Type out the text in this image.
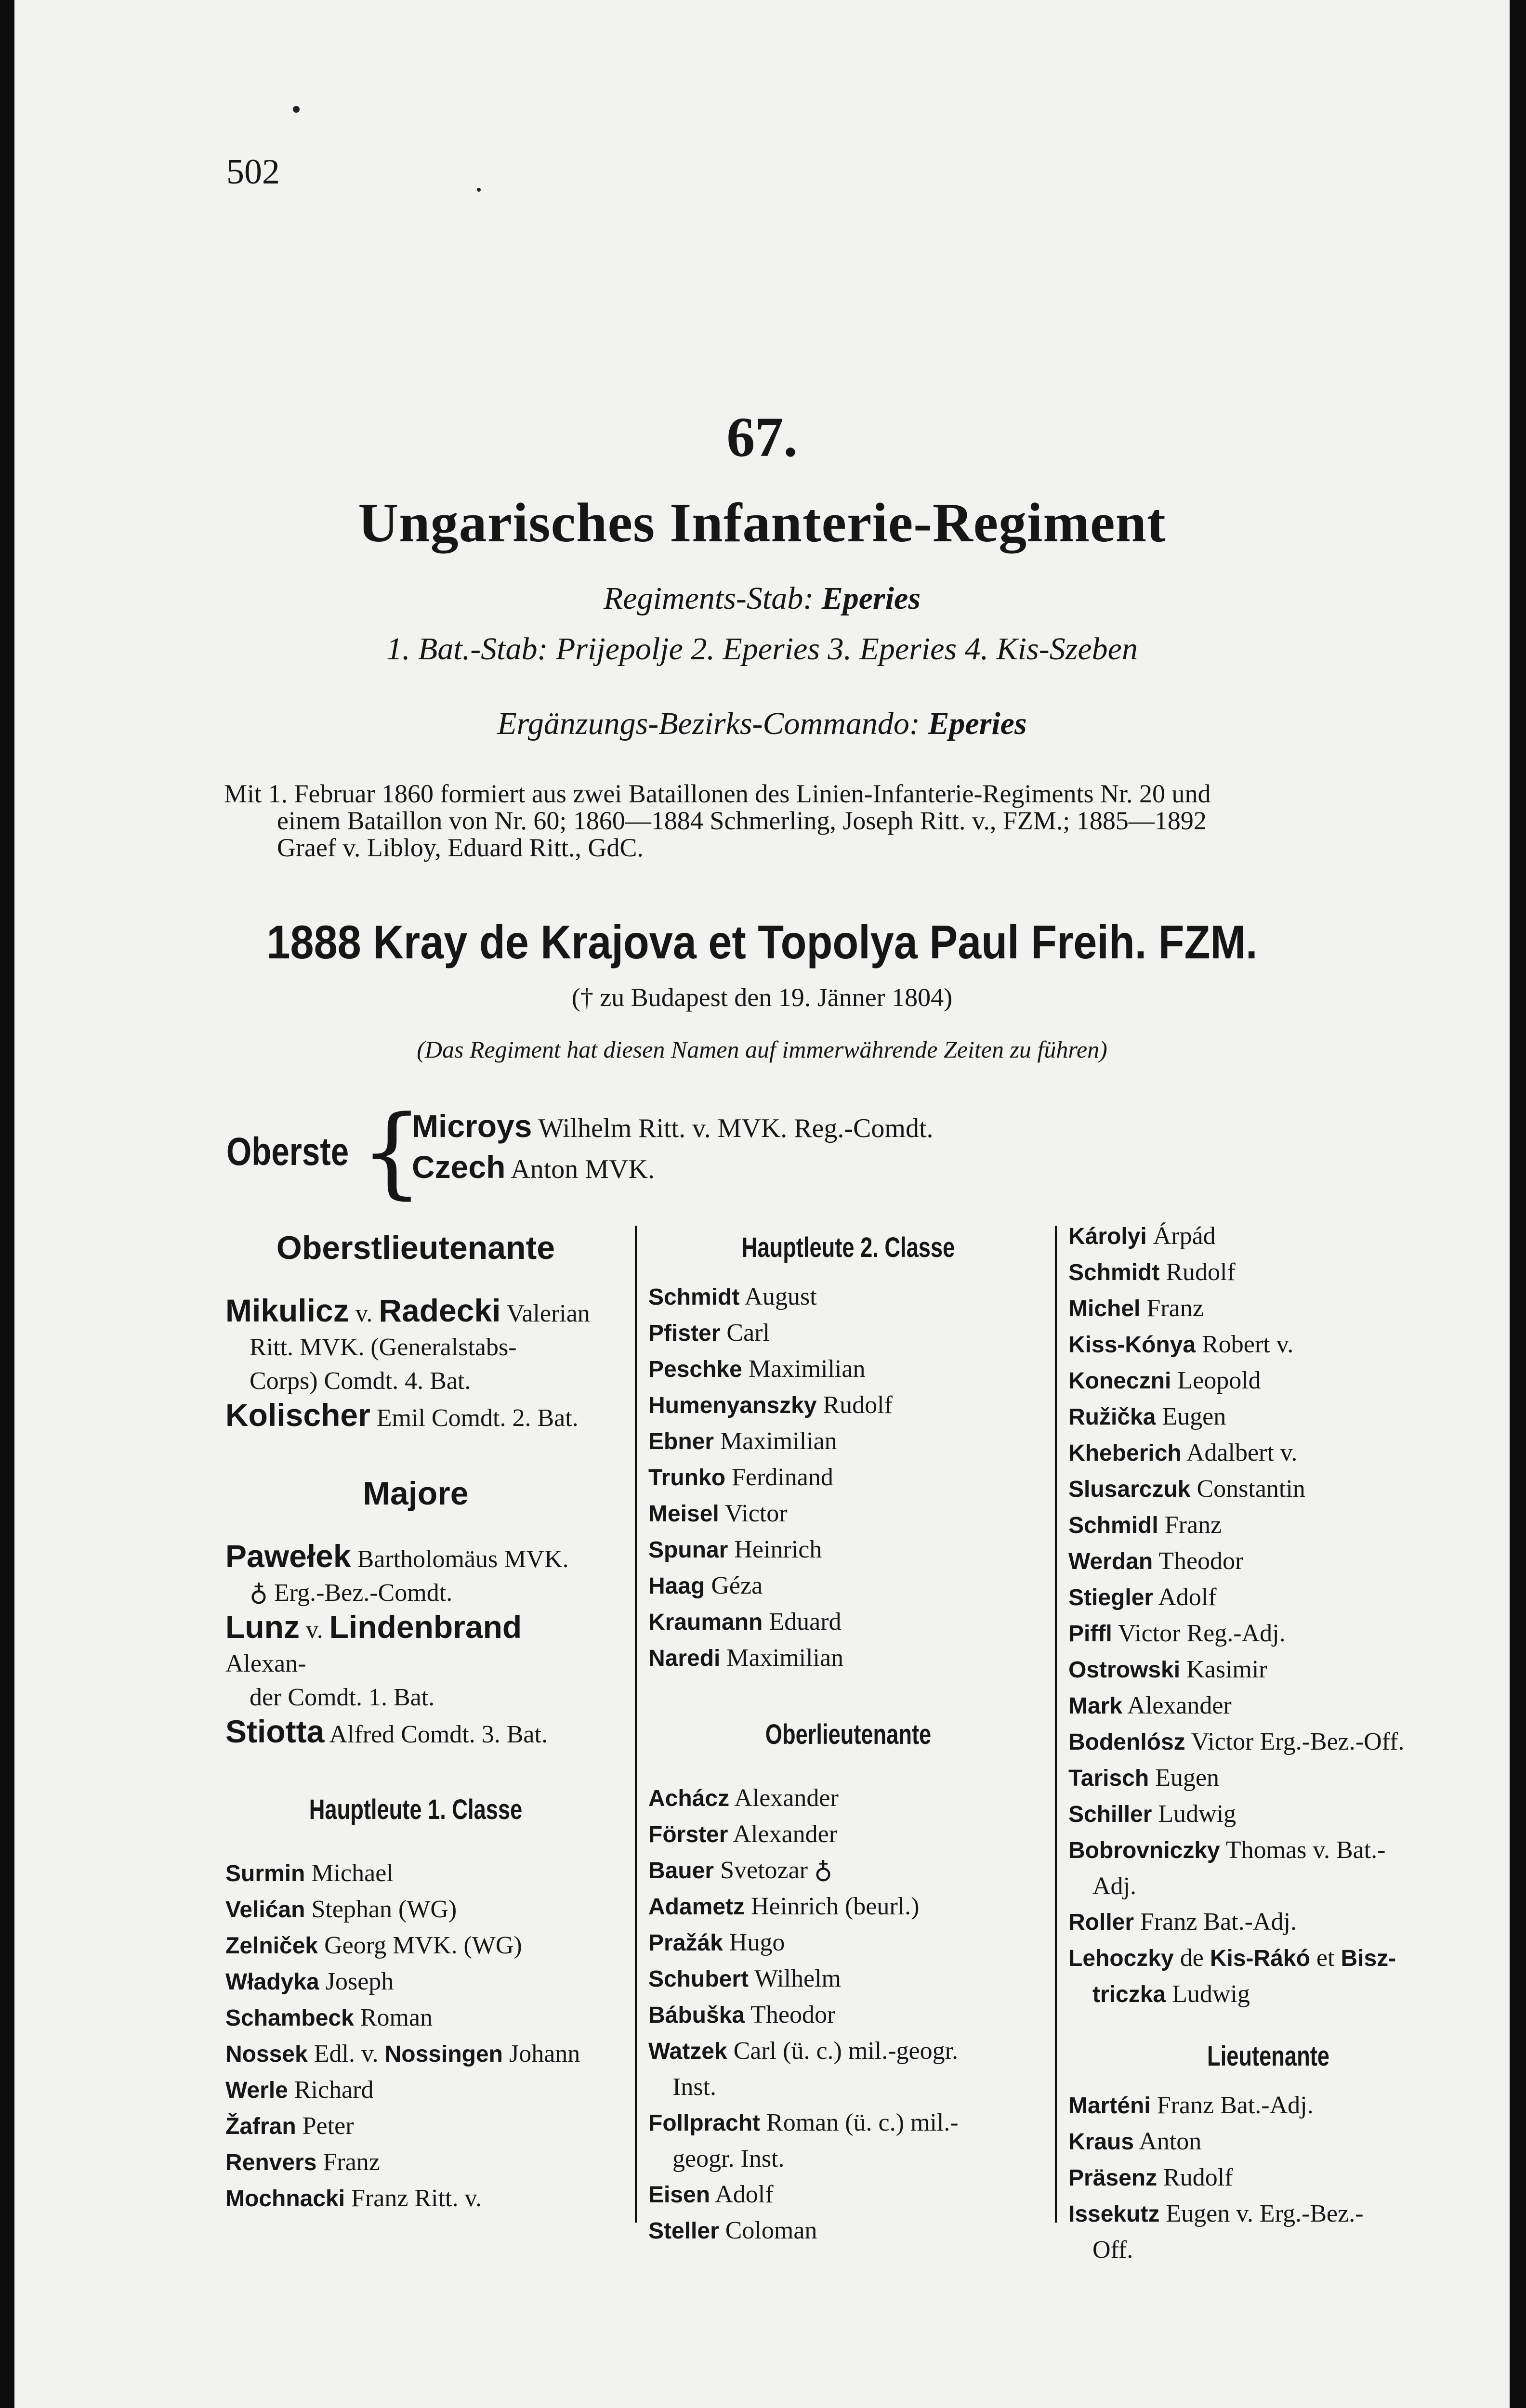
502
67.
Ungarisches Infanterie-Regiment
Regiments-Stab: Eperies
1. Bat.-Stab: Prijepolje 2. Eperies 3. Eperies 4. Kis-Szeben
Ergänzungs-Bezirks-Commando: Eperies
Mit 1. Februar 1860 formiert aus zwei Bataillonen des Linien-Infanterie-Regiments Nr. 20 und
einem Bataillon von Nr. 60; 1860—1884 Schmerling, Joseph Ritt. v., FZM.; 1885—1892
Graef v. Libloy, Eduard Ritt., GdC.
1888 Kray de Krajova et Topolya Paul Freih. FZM.
(† zu Budapest den 19. Jänner 1804)
(Das Regiment hat diesen Namen auf immerwährende Zeiten zu führen)
Oberste {
Microys Wilhelm Ritt. v. MVK. Reg.-Comdt.
Czech Anton MVK.
Oberstlieutenante
Mikulicz v. Radecki Valerian
Ritt. MVK. (Generalstabs-
Corps) Comdt. 4. Bat.
Kolischer Emil Comdt. 2. Bat.
Majore
Pawełek Bartholomäus MVK.
♁ Erg.-Bez.-Comdt.
Lunz v. Lindenbrand Alexan-
der Comdt. 1. Bat.
Stiotta Alfred Comdt. 3. Bat.
Hauptleute 1. Classe
Surmin Michael
Velićan Stephan (WG)
Zelniček Georg MVK. (WG)
Władyka Joseph
Schambeck Roman
Nossek Edl. v. Nossingen Johann
Werle Richard
Žafran Peter
Renvers Franz
Mochnacki Franz Ritt. v.
Hauptleute 2. Classe
Schmidt August
Pfister Carl
Peschke Maximilian
Humenyanszky Rudolf
Ebner Maximilian
Trunko Ferdinand
Meisel Victor
Spunar Heinrich
Haag Géza
Kraumann Eduard
Naredi Maximilian
Oberlieutenante
Achácz Alexander
Förster Alexander
Bauer Svetozar ♁
Adametz Heinrich (beurl.)
Pražák Hugo
Schubert Wilhelm
Bábuška Theodor
Watzek Carl (ü. c.) mil.-geogr.
Inst.
Follpracht Roman (ü. c.) mil.-
geogr. Inst.
Eisen Adolf
Steller Coloman
Károlyi Árpád
Schmidt Rudolf
Michel Franz
Kiss-Kónya Robert v.
Koneczni Leopold
Ružička Eugen
Kheberich Adalbert v.
Slusarczuk Constantin
Schmidl Franz
Werdan Theodor
Stiegler Adolf
Piffl Victor Reg.-Adj.
Ostrowski Kasimir
Mark Alexander
Bodenlósz Victor Erg.-Bez.-Off.
Tarisch Eugen
Schiller Ludwig
Bobrovniczky Thomas v. Bat.-
Adj.
Roller Franz Bat.-Adj.
Lehoczky de Kis-Rákó et Bisz-
triczka Ludwig
Lieutenante
Marténi Franz Bat.-Adj.
Kraus Anton
Präsenz Rudolf
Issekutz Eugen v. Erg.-Bez.-
Off.
